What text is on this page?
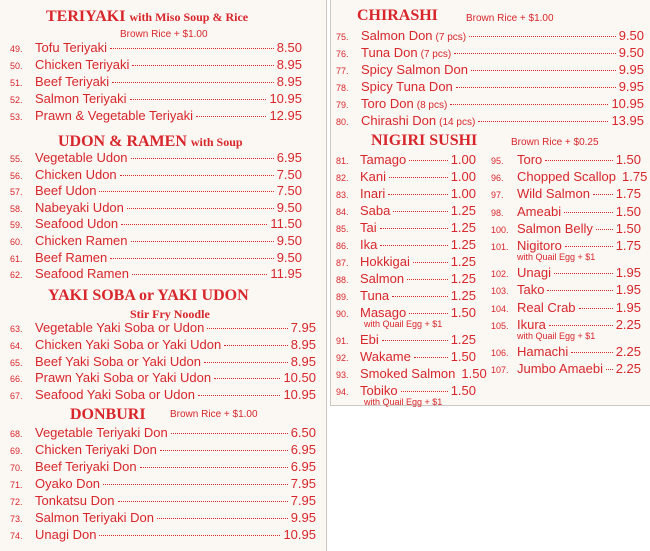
TERIYAKI with Miso Soup & Rice
Brown Rice + $1.00
49. Tofu Teriyaki	8.50
50. Chicken Teriyaki	8.95
51. Beef Teriyaki	8.95
52. Salmon Teriyaki	10.95
53. Prawn & Vegetable Teriyaki	12.95
UDON & RAMEN with Soup
55. Vegetable Udon	6.95
56. Chicken Udon	7.50
57. Beef Udon	7.50
58. Nabeyaki Udon	9.50
59. Seafood Udon	11.50
60. Chicken Ramen	9.50
61. Beef Ramen	9.50
62. Seafood Ramen	11.95
YAKI SOBA or YAKI UDON
Stir Fry Noodle
63. Vegetable Yaki Soba or Udon	7.95
64. Chicken Yaki Soba or Yaki Udon	8.95
65. Beef Yaki Soba or Yaki Udon	8.95
66. Prawn Yaki Soba or Yaki Udon	10.50
67. Seafood Yaki Soba or Udon	10.95
DONBURI Brown Rice + $1.00
68. Vegetable Teriyaki Don	6.50
69. Chicken Teriyaki Don	6.95
70. Beef Teriyaki Don	6.95
71. Oyako Don	7.95
72. Tonkatsu Don	7.95
73. Salmon Teriyaki Don	9.95
74. Unagi Don	10.95
CHIRASHI	Brown Rice + $1.00
75. Salmon Don (7 pcs)	9.50
76. Tuna Don (7 pcs)	9.50
77. Spicy Salmon Don	9.95
78. Spicy Tuna Don	9.95
79. Toro Don (8 pcs)	10.95
80. Chirashi Don (14 pcs)	13.95
NIGIRI SUSHI	Brown Rice + $0.25
81. Tamago	1.00
82. Kani	1.00
83. Inari	1.00
84. Saba	1.25
85. Tai	1.25
86. Ika	1.25
87. Hokkigai	1.25
88. Salmon	1.25
89. Tuna	1.25
90. Masago	1.50
with Quail Egg + $1
91. Ebi	1.25
92. Wakame	1.50
93. Smoked Salmon 1.50
94. Tobiko	1.50
with Quail Egg + $1
95.	Toro	1.50
96.	Chopped Scallop 1.75
97.	Wild Salmon 1.75
98.	Ameabi	1.50
100. Salmon Belly 1.50
101. Nigitoro	1.75
with Quail Egg + $1
102. Unagi	1.95
103. Tako	1.95
104. Real Crab	1.95
105. Ikura	2.25
with Quail Egg + $1
106. Hamachi	2.25
107. Jumbo Amaebi 2.25
